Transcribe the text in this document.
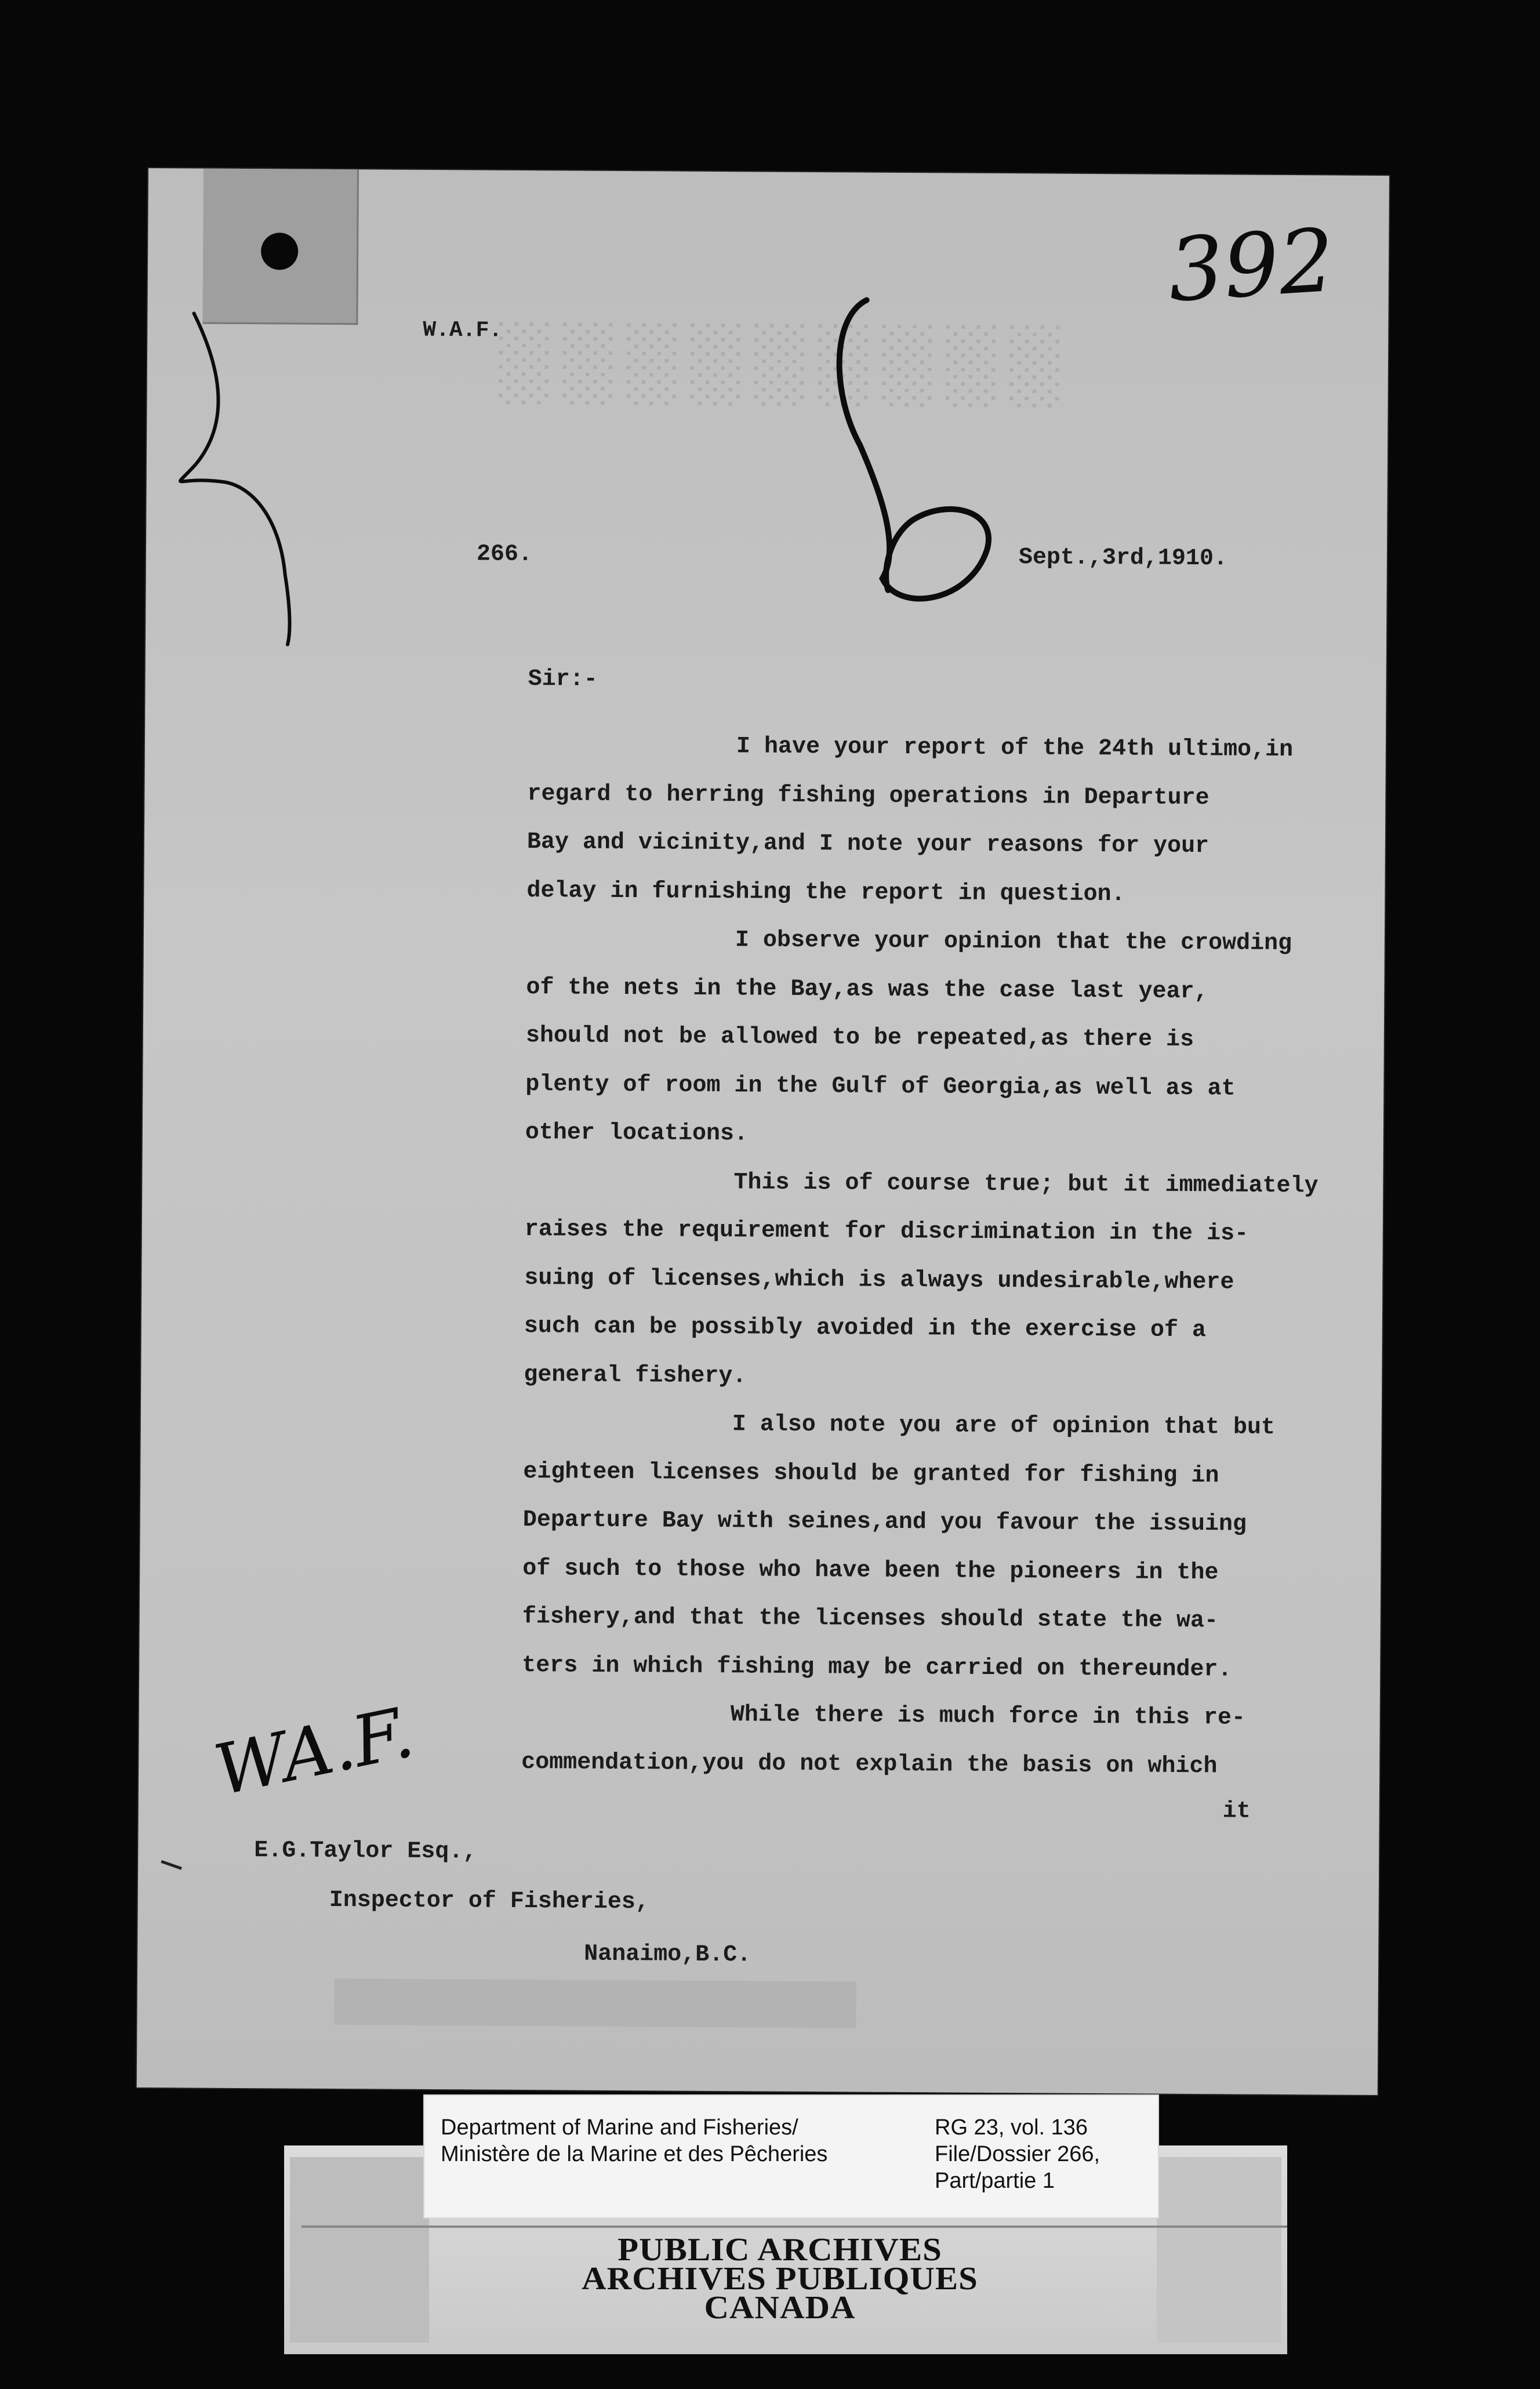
░░░░░░░░░
W.A.F.
266.	Sept.,3rd,1910.
Sir:-
I have your report of the 24th ultimo,in
regard to herring fishing operations in Departure
Bay and vicinity,and I note your reasons for your
delay in furnishing the report in question.
I observe your opinion that the crowding
of the nets in the Bay,as was the case last year,
should not be allowed to be repeated,as there is
plenty of room in the Gulf of Georgia,as well as at
other locations.
This is of course true; but it immediately
raises the requirement for discrimination in the is-
suing of licenses,which is always undesirable,where
such can be possibly avoided in the exercise of a
general fishery.
I also note you are of opinion that but
eighteen licenses should be granted for fishing in
Departure Bay with seines,and you favour the issuing
of such to those who have been the pioneers in the
fishery,and that the licenses should state the wa-
ters in which fishing may be carried on thereunder.
While there is much force in this re-
commendation,you do not explain the basis on which
it
E.G.Taylor Esq.,
Inspector of Fisheries,
Nanaimo,B.C.
392
WA.F.
Department of Marine and Fisheries/
Ministère de la Marine et des Pêcheries
RG 23, vol. 136
File/Dossier 266,
Part/partie 1
PUBLIC ARCHIVES
ARCHIVES PUBLIQUES
CANADA
